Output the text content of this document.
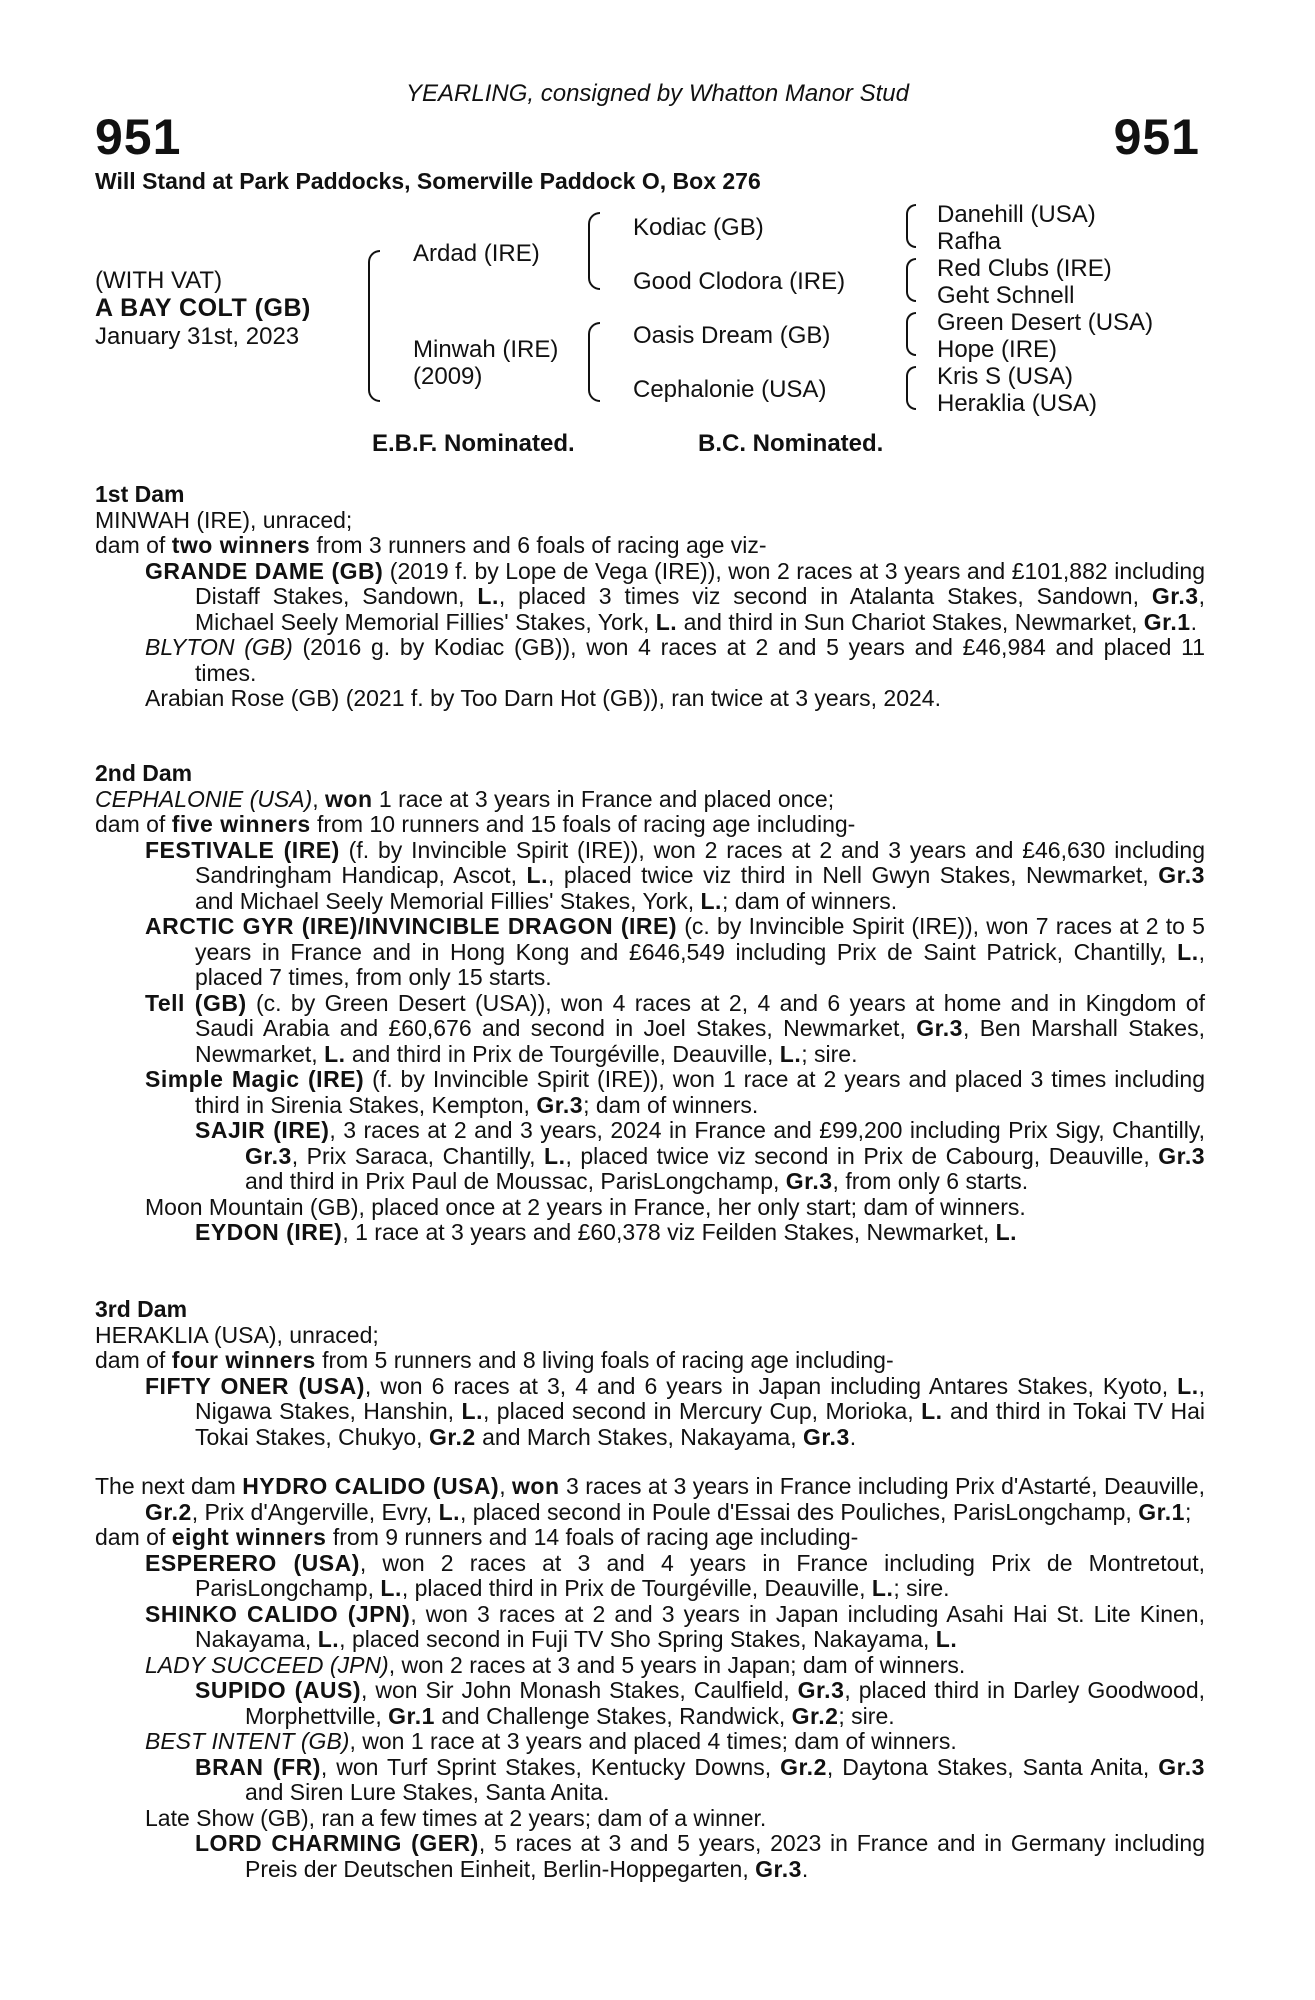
YEARLING, consigned by Whatton Manor Stud
951	951
Will Stand at Park Paddocks, Somerville Paddock O, Box 276
(WITH VAT)
A BAY COLT (GB)
January 31st, 2023
Ardad (IRE)
Minwah (IRE)
(2009)
Kodiac (GB)
Good Clodora (IRE)
Oasis Dream (GB)
Cephalonie (USA)
Danehill (USA)
Rafha
Red Clubs (IRE)
Geht Schnell
Green Desert (USA)
Hope (IRE)
Kris S (USA)
Heraklia (USA)
E.B.F. Nominated.	B.C. Nominated.
1st Dam

MINWAH (IRE), unraced;

dam of two winners from 3 runners and 6 foals of racing age viz-

GRANDE DAME (GB) (2019 f. by Lope de Vega (IRE)), won 2 races at 3 years and £101,882 including Distaff Stakes, Sandown, L., placed 3 times viz second in Atalanta Stakes, Sandown, Gr.3, Michael Seely Memorial Fillies' Stakes, York, L. and third in Sun Chariot Stakes, Newmarket, Gr.1.

BLYTON (GB) (2016 g. by Kodiac (GB)), won 4 races at 2 and 5 years and £46,984 and placed 11 times.

Arabian Rose (GB) (2021 f. by Too Darn Hot (GB)), ran twice at 3 years, 2024.

2nd Dam

CEPHALONIE (USA), won 1 race at 3 years in France and placed once;

dam of five winners from 10 runners and 15 foals of racing age including-

FESTIVALE (IRE) (f. by Invincible Spirit (IRE)), won 2 races at 2 and 3 years and £46,630 including Sandringham Handicap, Ascot, L., placed twice viz third in Nell Gwyn Stakes, Newmarket, Gr.3 and Michael Seely Memorial Fillies' Stakes, York, L.; dam of winners.

ARCTIC GYR (IRE)/INVINCIBLE DRAGON (IRE) (c. by Invincible Spirit (IRE)), won 7 races at 2 to 5 years in France and in Hong Kong and £646,549 including Prix de Saint Patrick, Chantilly, L., placed 7 times, from only 15 starts.

Tell (GB) (c. by Green Desert (USA)), won 4 races at 2, 4 and 6 years at home and in Kingdom of Saudi Arabia and £60,676 and second in Joel Stakes, Newmarket, Gr.3, Ben Marshall Stakes, Newmarket, L. and third in Prix de Tourgéville, Deauville, L.; sire.

Simple Magic (IRE) (f. by Invincible Spirit (IRE)), won 1 race at 2 years and placed 3 times including third in Sirenia Stakes, Kempton, Gr.3; dam of winners.

SAJIR (IRE), 3 races at 2 and 3 years, 2024 in France and £99,200 including Prix Sigy, Chantilly, Gr.3, Prix Saraca, Chantilly, L., placed twice viz second in Prix de Cabourg, Deauville, Gr.3 and third in Prix Paul de Moussac, ParisLongchamp, Gr.3, from only 6 starts.

Moon Mountain (GB), placed once at 2 years in France, her only start; dam of winners.

EYDON (IRE), 1 race at 3 years and £60,378 viz Feilden Stakes, Newmarket, L.

3rd Dam

HERAKLIA (USA), unraced;

dam of four winners from 5 runners and 8 living foals of racing age including-

FIFTY ONER (USA), won 6 races at 3, 4 and 6 years in Japan including Antares Stakes, Kyoto, L., Nigawa Stakes, Hanshin, L., placed second in Mercury Cup, Morioka, L. and third in Tokai TV Hai Tokai Stakes, Chukyo, Gr.2 and March Stakes, Nakayama, Gr.3.

The next dam HYDRO CALIDO (USA), won 3 races at 3 years in France including Prix d'Astarté, Deauville, Gr.2, Prix d'Angerville, Evry, L., placed second in Poule d'Essai des Pouliches, ParisLongchamp, Gr.1;

dam of eight winners from 9 runners and 14 foals of racing age including-

ESPERERO (USA), won 2 races at 3 and 4 years in France including Prix de Montretout, ParisLongchamp, L., placed third in Prix de Tourgéville, Deauville, L.; sire.

SHINKO CALIDO (JPN), won 3 races at 2 and 3 years in Japan including Asahi Hai St. Lite Kinen, Nakayama, L., placed second in Fuji TV Sho Spring Stakes, Nakayama, L.

LADY SUCCEED (JPN), won 2 races at 3 and 5 years in Japan; dam of winners.

SUPIDO (AUS), won Sir John Monash Stakes, Caulfield, Gr.3, placed third in Darley Goodwood, Morphettville, Gr.1 and Challenge Stakes, Randwick, Gr.2; sire.

BEST INTENT (GB), won 1 race at 3 years and placed 4 times; dam of winners.

BRAN (FR), won Turf Sprint Stakes, Kentucky Downs, Gr.2, Daytona Stakes, Santa Anita, Gr.3 and Siren Lure Stakes, Santa Anita.

Late Show (GB), ran a few times at 2 years; dam of a winner.

LORD CHARMING (GER), 5 races at 3 and 5 years, 2023 in France and in Germany including Preis der Deutschen Einheit, Berlin-Hoppegarten, Gr.3.
